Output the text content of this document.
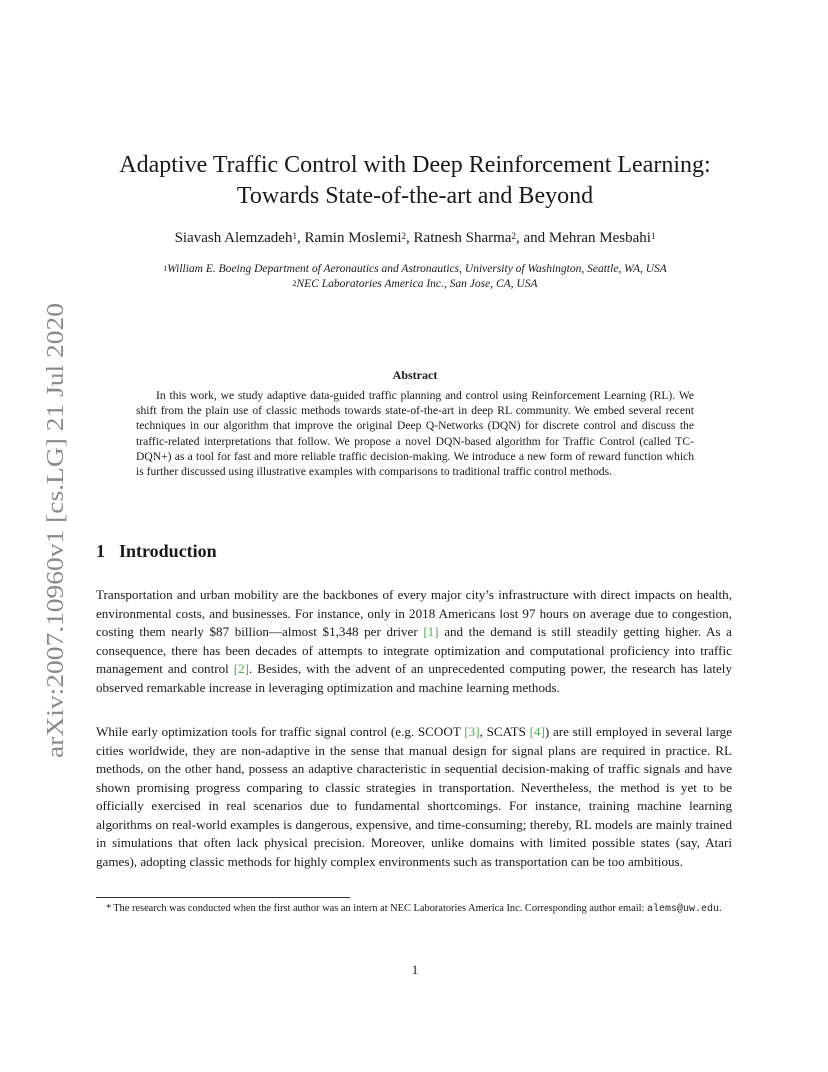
arXiv:2007.10960v1 [cs.LG] 21 Jul 2020
Adaptive Traffic Control with Deep Reinforcement Learning:
Towards State-of-the-art and Beyond
Siavash Alemzadeh$^1$, Ramin Moslemi$^2$, Ratnesh Sharma$^2$, and Mehran Mesbahi$^1$
$^1$William E. Boeing Department of Aeronautics and Astronautics, University of Washington, Seattle, WA, USA
$^2$NEC Laboratories America Inc., San Jose, CA, USA
Abstract

In this work, we study adaptive data-guided traffic planning and control using Reinforcement Learning (RL). We shift from the plain use of classic methods towards state-of-the-art in deep RL community. We embed several recent techniques in our algorithm that improve the original Deep Q-Networks (DQN) for discrete control and discuss the traffic-related interpretations that follow. We propose a novel DQN-based algorithm for Traffic Control (called TC-DQN+) as a tool for fast and more reliable traffic decision-making. We introduce a new form of reward function which is further discussed using illustrative examples with comparisons to traditional traffic control methods.

1 Introduction

Transportation and urban mobility are the backbones of every major city’s infrastructure with direct impacts on health, environmental costs, and businesses. For instance, only in 2018 Americans lost 97 hours on average due to congestion, costing them nearly $87 billion—almost $1,348 per driver [1] and the demand is still steadily getting higher. As a consequence, there has been decades of attempts to integrate optimization and computational proficiency into traffic management and control [2]. Besides, with the advent of an unprecedented computing power, the research has lately observed remarkable increase in leveraging optimization and machine learning methods.

While early optimization tools for traffic signal control (e.g. SCOOT [3], SCATS [4]) are still employed in several large cities worldwide, they are non-adaptive in the sense that manual design for signal plans are required in practice. RL methods, on the other hand, possess an adaptive characteristic in sequential decision-making of traffic signals and have shown promising progress comparing to classic strategies in transportation. Nevertheless, the method is yet to be officially exercised in real scenarios due to fundamental shortcomings. For instance, training machine learning algorithms on real-world examples is dangerous, expensive, and time-consuming; thereby, RL models are mainly trained in simulations that often lack physical precision. Moreover, unlike domains with limited possible states (say, Atari games), adopting classic methods for highly complex environments such as transportation can be too ambitious.

* The research was conducted when the first author was an intern at NEC Laboratories America Inc. Corresponding author email: alems@uw.edu.
1
